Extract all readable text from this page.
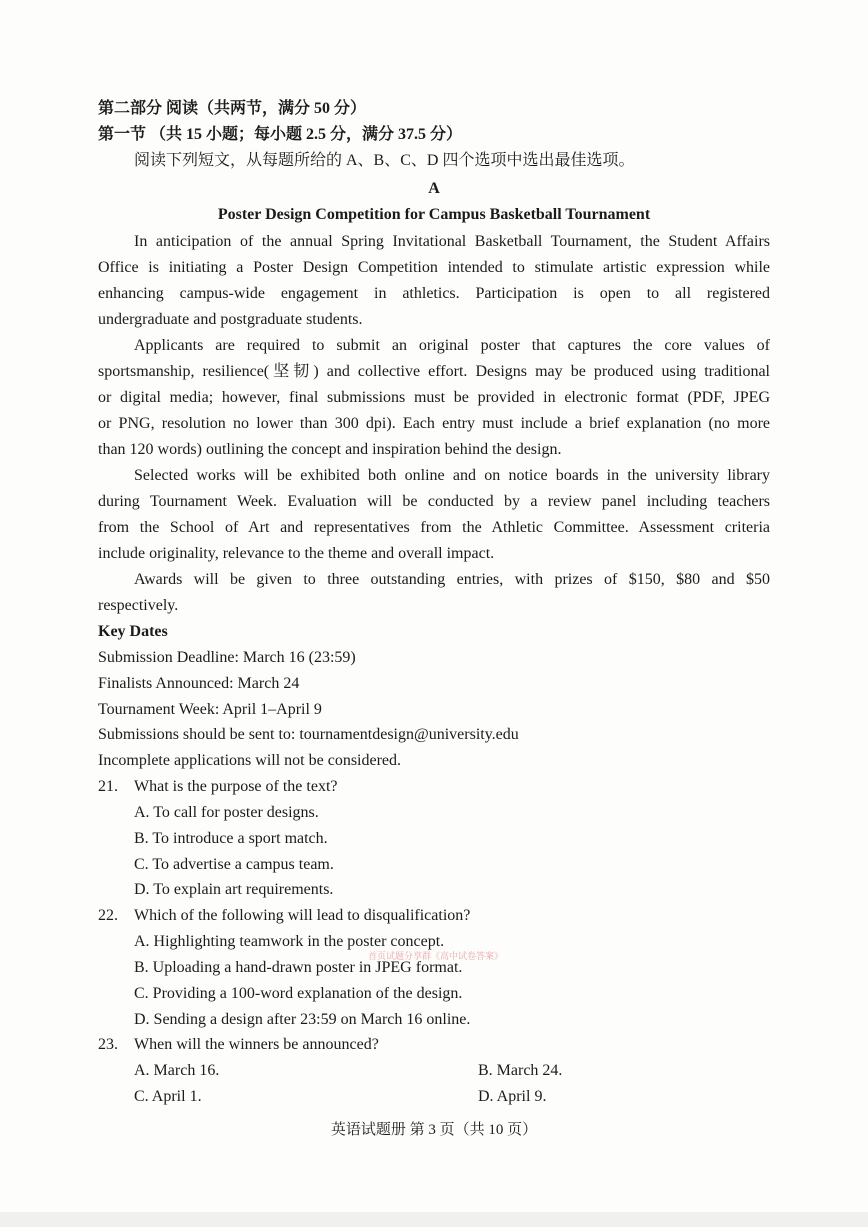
第二部分 阅读（共两节，满分 50 分）
第一节 （共 15 小题；每小题 2.5 分，满分 37.5 分）
阅读下列短文，从每题所给的 A、B、C、D 四个选项中选出最佳选项。
A
Poster Design Competition for Campus Basketball Tournament
In anticipation of the annual Spring Invitational Basketball Tournament, the Student Affairs
Office is initiating a Poster Design Competition intended to stimulate artistic expression while
enhancing campus-wide engagement in athletics. Participation is open to all registered
undergraduate and postgraduate students.
Applicants are required to submit an original poster that captures the core values of
sportsmanship, resilience(坚韧) and collective effort. Designs may be produced using traditional
or digital media; however, final submissions must be provided in electronic format (PDF, JPEG
or PNG, resolution no lower than 300 dpi). Each entry must include a brief explanation (no more
than 120 words) outlining the concept and inspiration behind the design.
Selected works will be exhibited both online and on notice boards in the university library
during Tournament Week. Evaluation will be conducted by a review panel including teachers
from the School of Art and representatives from the Athletic Committee. Assessment criteria
include originality, relevance to the theme and overall impact.
Awards will be given to three outstanding entries, with prizes of $150, $80 and $50
respectively.
Key Dates
Submission Deadline: March 16 (23:59)
Finalists Announced: March 24
Tournament Week: April 1–April 9
Submissions should be sent to: tournamentdesign@university.edu
Incomplete applications will not be considered.
21. What is the purpose of the text?
A. To call for poster designs.
B. To introduce a sport match.
C. To advertise a campus team.
D. To explain art requirements.
22. Which of the following will lead to disqualification?
A. Highlighting teamwork in the poster concept.
首页试题分享群《高中试卷答案》
B. Uploading a hand-drawn poster in JPEG format.
C. Providing a 100-word explanation of the design.
D. Sending a design after 23:59 on March 16 online.
23. When will the winners be announced?
A. March 16.	B. March 24.
C. April 1.	D. April 9.
英语试题册 第 3 页（共 10 页）
